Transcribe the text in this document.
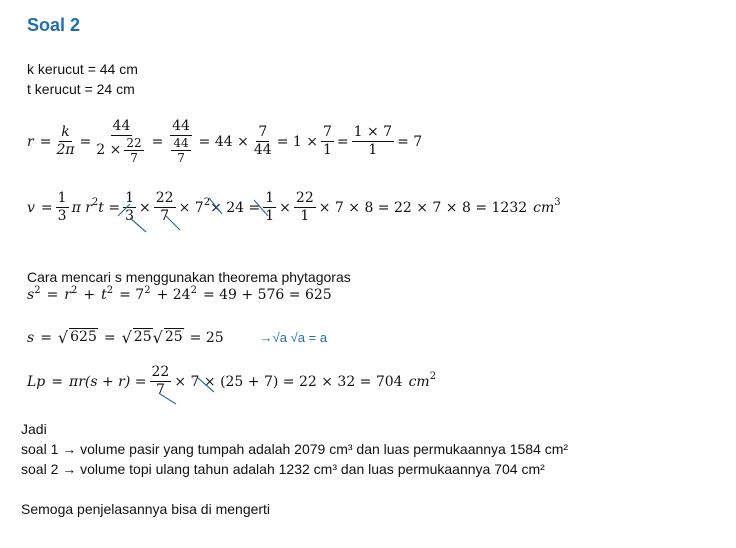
Soal 2
k kerucut = 44 cm
t kerucut = 24 cm
$r = \frac{k}{2\pi} = \frac{44}{2 \times \frac{22}{7}} = \frac{44}{\frac{44}{7}} = 44 \times \frac{7}{44} = 1 \times \frac{7}{1} = \frac{1 \times 7}{1} = 7$
$v = \frac{1}{3}$ π $r^2$ $t = \frac{1}{3} \times \frac{22}{7} \times 7^2 \times 24 = \frac{1}{1} \times \frac{22}{1} \times 7 \times 8 = 22 \times 7 \times 8 = 1232$ $cm^3$
Cara mencari s menggunakan theorema phytagoras
$s^2 = r^2 + t^2 = 7^2 + 24^2 = 49 + 576 = 625$
s = √ 625 = √ 25 √ 25 = 25	→√a √a = a
$Lp = \pi r(s + r) = \frac{22}{7} \times 7 \times (25 + 7) = 22 \times 32 = 704$ $cm^2$
Jadi
soal 1 → volume pasir yang tumpah adalah 2079 cm³ dan luas permukaannya 1584 cm²
soal 2 → volume topi ulang tahun adalah 1232 cm³ dan luas permukaannya 704 cm²
Semoga penjelasannya bisa di mengerti
